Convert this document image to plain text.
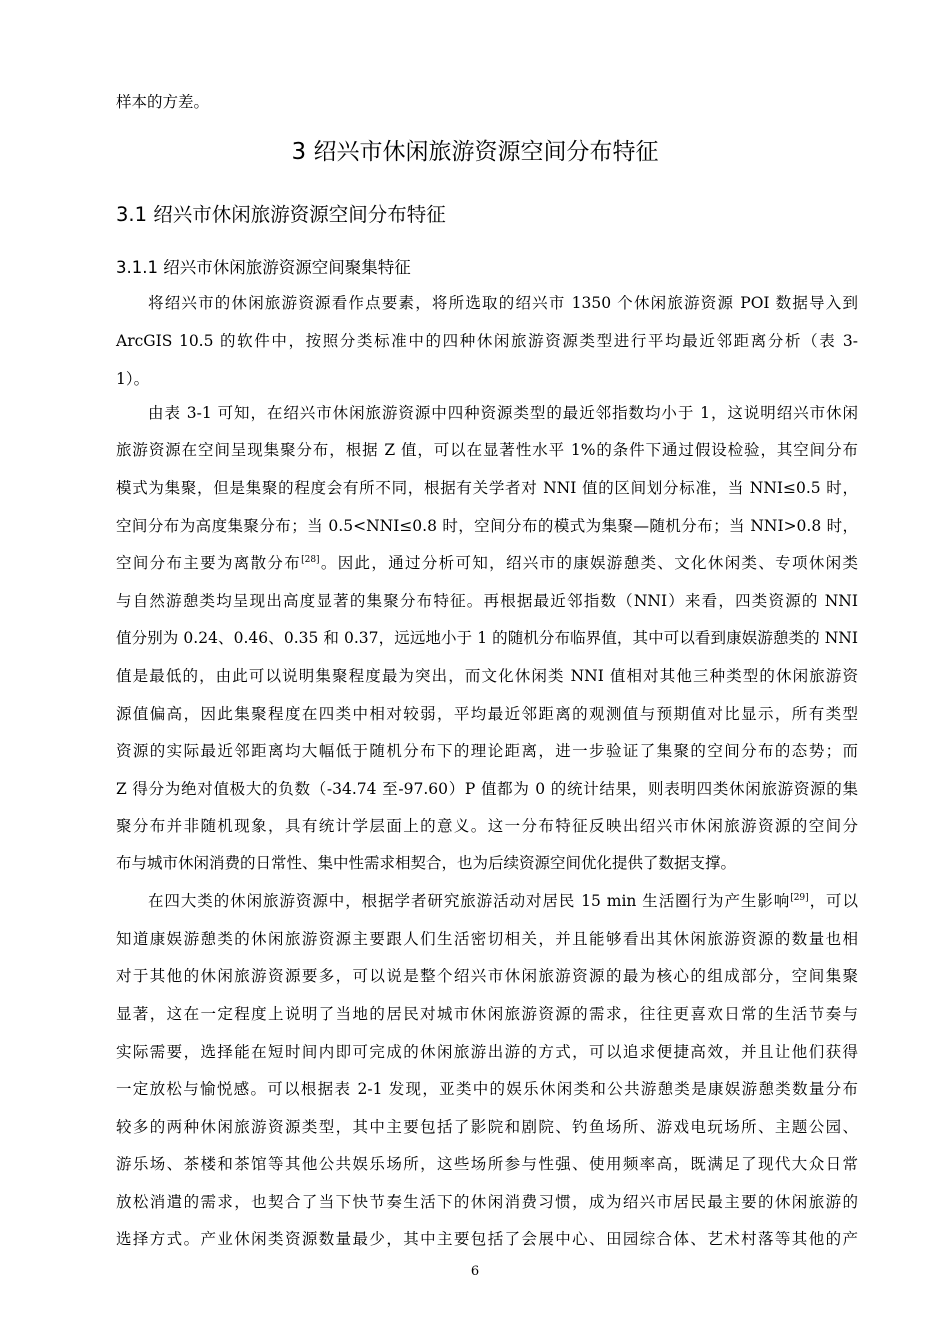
样本的方差。
3 绍兴市休闲旅游资源空间分布特征
3.1 绍兴市休闲旅游资源空间分布特征
3.1.1 绍兴市休闲旅游资源空间聚集特征
将绍兴市的休闲旅游资源看作点要素，将所选取的绍兴市 1350 个休闲旅游资源 POI 数据导入到
ArcGIS 10.5 的软件中，按照分类标准中的四种休闲旅游资源类型进行平均最近邻距离分析（表 3-
1）。
由表 3-1 可知，在绍兴市休闲旅游资源中四种资源类型的最近邻指数均小于 1，这说明绍兴市休闲
旅游资源在空间呈现集聚分布，根据 Z 值，可以在显著性水平 1%的条件下通过假设检验，其空间分布
模式为集聚，但是集聚的程度会有所不同，根据有关学者对 NNI 值的区间划分标准，当 NNI≤0.5 时，
空间分布为高度集聚分布；当 0.5<NNI≤0.8 时，空间分布的模式为集聚—随机分布；当 NNI>0.8 时，
空间分布主要为离散分布[28]。因此，通过分析可知，绍兴市的康娱游憩类、文化休闲类、专项休闲类
与自然游憩类均呈现出高度显著的集聚分布特征。再根据最近邻指数（NNI）来看，四类资源的 NNI
值分别为 0.24、0.46、0.35 和 0.37，远远地小于 1 的随机分布临界值，其中可以看到康娱游憩类的 NNI
值是最低的，由此可以说明集聚程度最为突出，而文化休闲类 NNI 值相对其他三种类型的休闲旅游资
源值偏高，因此集聚程度在四类中相对较弱，平均最近邻距离的观测值与预期值对比显示，所有类型
资源的实际最近邻距离均大幅低于随机分布下的理论距离，进一步验证了集聚的空间分布的态势；而
Z 得分为绝对值极大的负数（-34.74 至-97.60）P 值都为 0 的统计结果，则表明四类休闲旅游资源的集
聚分布并非随机现象，具有统计学层面上的意义。这一分布特征反映出绍兴市休闲旅游资源的空间分
布与城市休闲消费的日常性、集中性需求相契合，也为后续资源空间优化提供了数据支撑。
在四大类的休闲旅游资源中，根据学者研究旅游活动对居民 15 min 生活圈行为产生影响[29]，可以
知道康娱游憩类的休闲旅游资源主要跟人们生活密切相关，并且能够看出其休闲旅游资源的数量也相
对于其他的休闲旅游资源要多，可以说是整个绍兴市休闲旅游资源的最为核心的组成部分，空间集聚
显著，这在一定程度上说明了当地的居民对城市休闲旅游资源的需求，往往更喜欢日常的生活节奏与
实际需要，选择能在短时间内即可完成的休闲旅游出游的方式，可以追求便捷高效，并且让他们获得
一定放松与愉悦感。可以根据表 2-1 发现，亚类中的娱乐休闲类和公共游憩类是康娱游憩类数量分布
较多的两种休闲旅游资源类型，其中主要包括了影院和剧院、钓鱼场所、游戏电玩场所、主题公园、
游乐场、茶楼和茶馆等其他公共娱乐场所，这些场所参与性强、使用频率高，既满足了现代大众日常
放松消遣的需求，也契合了当下快节奏生活下的休闲消费习惯，成为绍兴市居民最主要的休闲旅游的
选择方式。产业休闲类资源数量最少，其中主要包括了会展中心、田园综合体、艺术村落等其他的产
6
